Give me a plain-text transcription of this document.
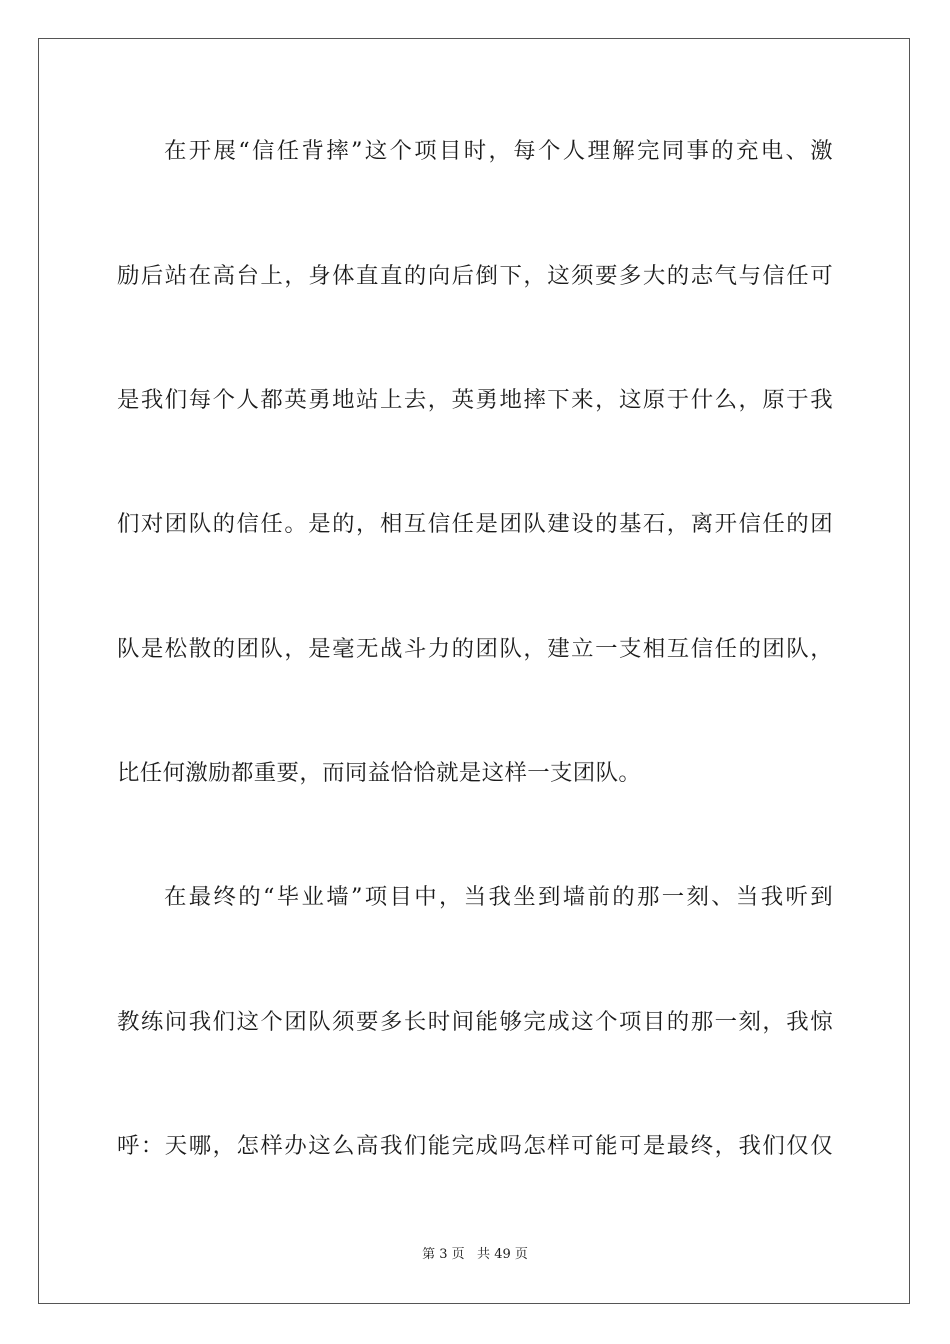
在开展“信任背摔”这个项目时，每个人理解完同事的充电、激
励后站在高台上，身体直直的向后倒下，这须要多大的志气与信任可
是我们每个人都英勇地站上去，英勇地摔下来，这原于什么，原于我
们对团队的信任。是的，相互信任是团队建设的基石，离开信任的团
队是松散的团队，是毫无战斗力的团队，建立一支相互信任的团队，
比任何激励都重要，而同益恰恰就是这样一支团队。
在最终的“毕业墙”项目中，当我坐到墙前的那一刻、当我听到
教练问我们这个团队须要多长时间能够完成这个项目的那一刻，我惊
呼：天哪，怎样办这么高我们能完成吗怎样可能可是最终，我们仅仅
第 3 页   共 49 页
